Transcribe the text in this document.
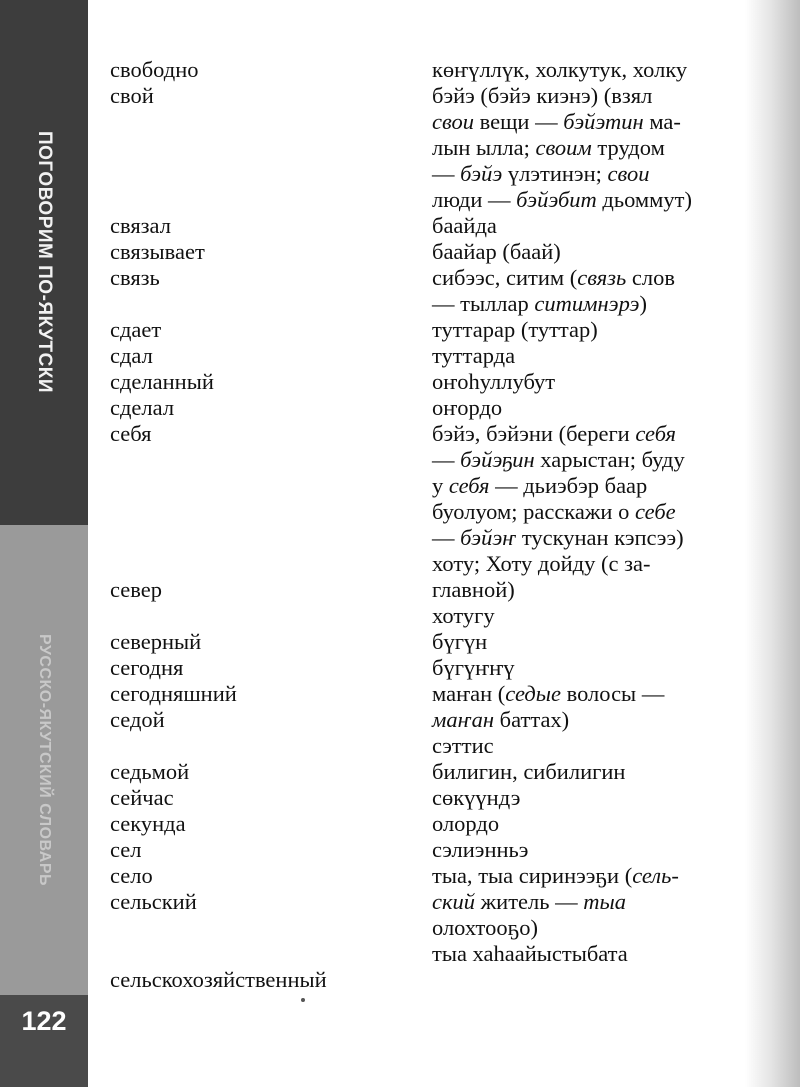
ПОГОВОРИМ ПО-ЯКУТСКИ
РУССКО-ЯКУТСКИЙ СЛОВАРЬ
122
свободно
свой
связал
связывает
связь
сдает
сдал
сделанный
сделал
себя
север
северный
сегодня
сегодняшний
седой
седьмой
сейчас
секунда
сел
село
сельский
сельскохозяйственный
көҥүллүк, холкутук, холку
бэйэ (бэйэ киэнэ) (взял
свои вещи — бэйэтин ма-
лын ылла; своим трудом
— бэйэ үлэтинэн; свои
люди — бэйэбит дьоммут)
баайда
баайар (баай)
сибээс, ситим (связь слов
— тыллар ситимнэрэ)
туттарар (туттар)
туттарда
оҥоһуллубут
оҥордо
бэйэ, бэйэни (береги себя
— бэйэҕин харыстан; буду
у себя — дьиэбэр баар
буолуом; расскажи о себе
— бэйэҥ тускунан кэпсээ)
хоту; Хоту дойду (с за-
главной)
хотугу
бүгүн
бүгүҥҥү
маҥан (седые волосы —
маҥан баттах)
сэттис
билигин, сибилигин
сөкүүндэ
олордо
сэлиэнньэ
тыа, тыа сиринээҕи (сель-
ский житель — тыа
олохтооҕо)
тыа хаһаайыстыбата
